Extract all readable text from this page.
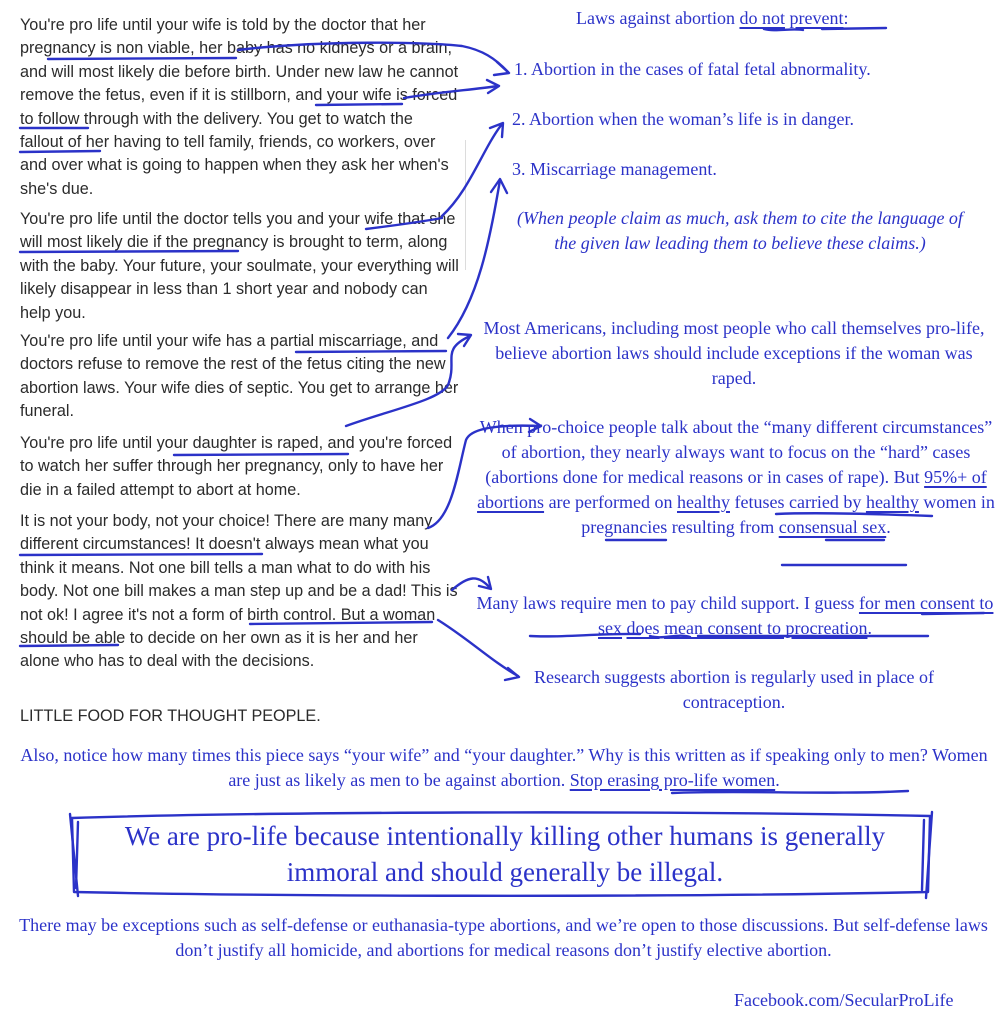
You're pro life until your wife is told by the doctor that her pregnancy is non viable, her baby has no kidneys or a brain, and will most likely die before birth. Under new law he cannot remove the fetus, even if it is stillborn, and your wife is forced to follow through with the delivery. You get to watch the fallout of her having to tell family, friends, co workers, over and over what is going to happen when they ask her when's she's due.

You're pro life until the doctor tells you and your wife that she will most likely die if the pregnancy is brought to term, along with the baby. Your future, your soulmate, your everything will likely disappear in less than 1 short year and nobody can help you.

You're pro life until your wife has a partial miscarriage, and doctors refuse to remove the rest of the fetus citing the new abortion laws. Your wife dies of septic. You get to arrange her funeral.

You're pro life until your daughter is raped, and you're forced to watch her suffer through her pregnancy, only to have her die in a failed attempt to abort at home.

It is not your body, not your choice! There are many many different circumstances! It doesn't always mean what you think it means. Not one bill tells a man what to do with his body. Not one bill makes a man step up and be a dad! This is not ok! I agree it's not a form of birth control. But a woman should be able to decide on her own as it is her and her alone who has to deal with the decisions.

LITTLE FOOD FOR THOUGHT PEOPLE.

Laws against abortion do not prevent:
1. Abortion in the cases of fatal fetal abnormality.
2. Abortion when the woman’s life is in danger.
3. Miscarriage management.
(When people claim as much, ask them to cite the language of the given law leading them to believe these claims.)
Most Americans, including most people who call themselves pro-life, believe abortion laws should include exceptions if the woman was raped.
When pro-choice people talk about the “many different circumstances” of abortion, they nearly always want to focus on the “hard” cases (abortions done for medical reasons or in cases of rape). But 95%+ of abortions are performed on healthy fetuses carried by healthy women in pregnancies resulting from consensual sex.
Many laws require men to pay child support. I guess for men consent to sex does mean consent to procreation.
Research suggests abortion is regularly used in place of contraception.
Also, notice how many times this piece says “your wife” and “your daughter.” Why is this written as if speaking only to men? Women are just as likely as men to be against abortion. Stop erasing pro-life women.
We are pro-life because intentionally killing other humans is generally immoral and should generally be illegal.
There may be exceptions such as self-defense or euthanasia-type abortions, and we’re open to those discussions. But self-defense laws don’t justify all homicide, and abortions for medical reasons don’t justify elective abortion.
Facebook.com/SecularProLife
